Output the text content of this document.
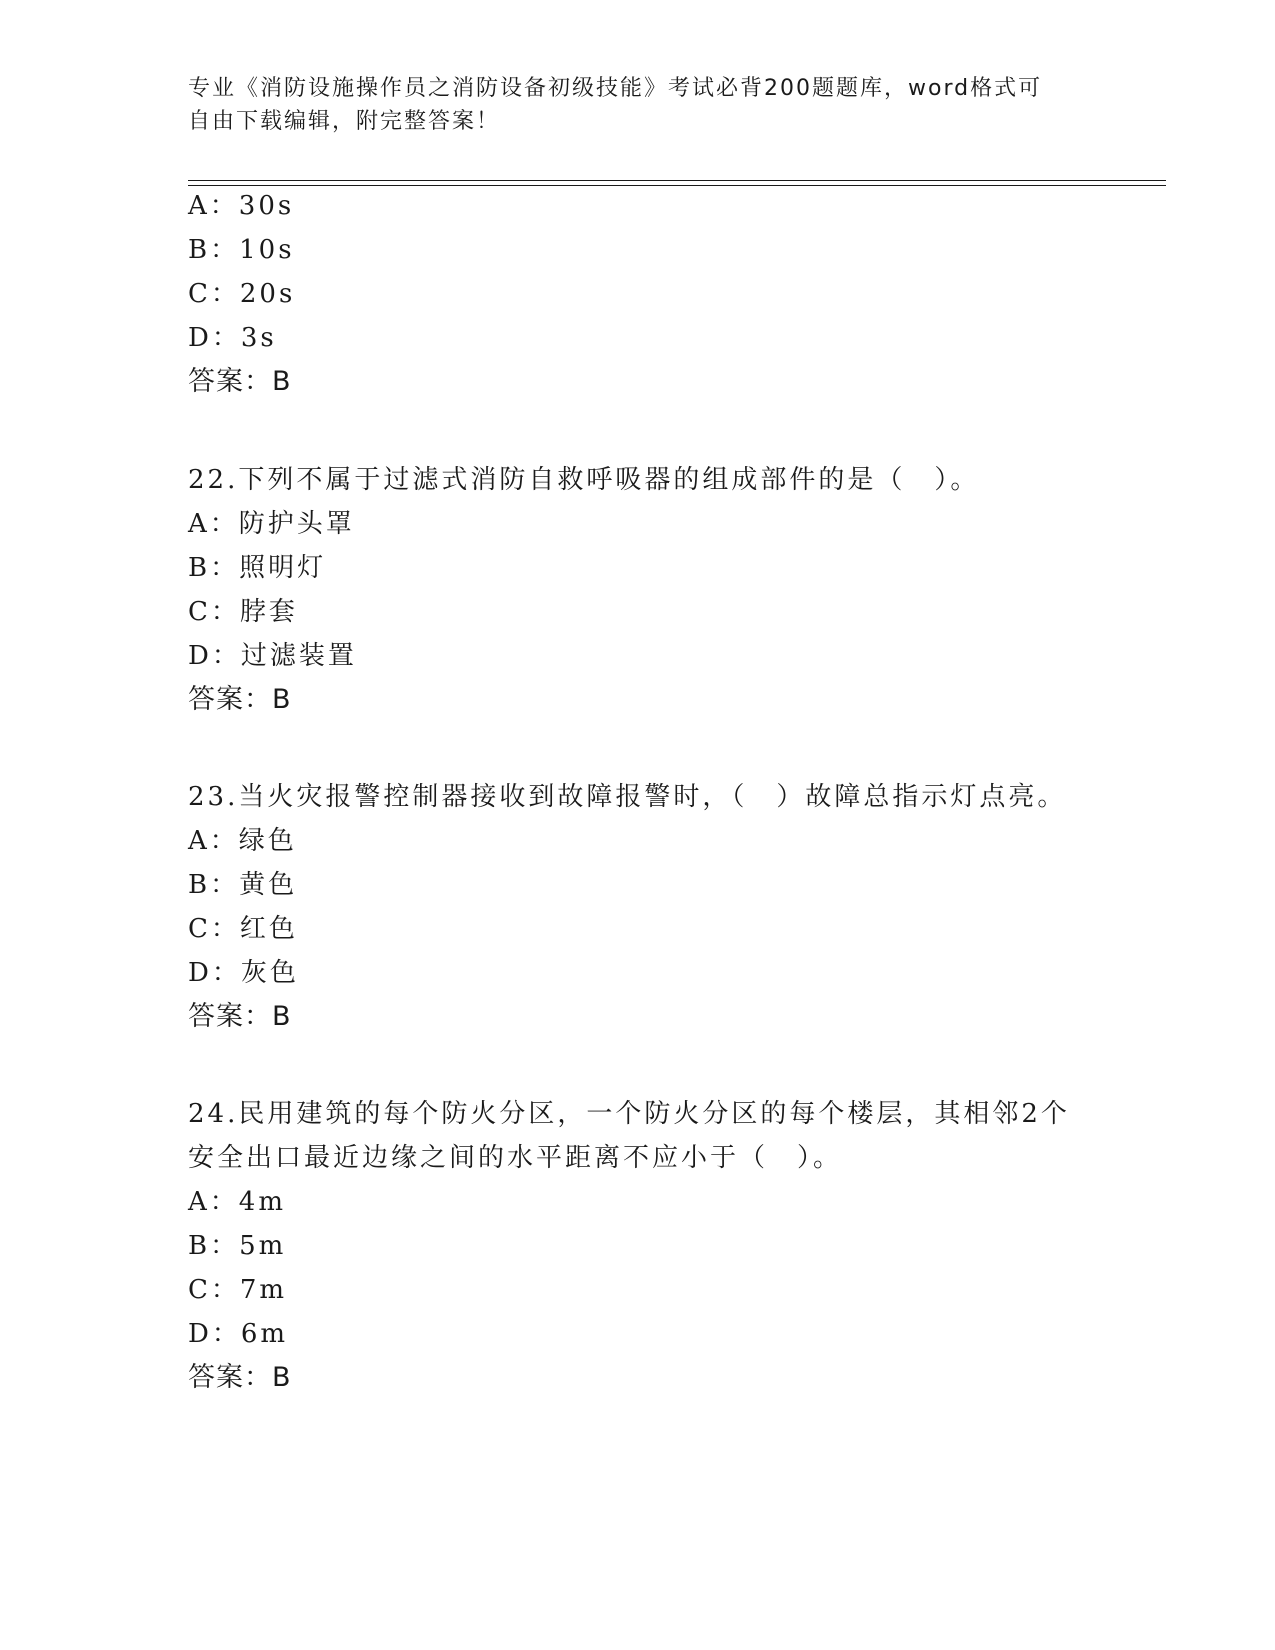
专业《消防设施操作员之消防设备初级技能》考试必背200题题库，word格式可
自由下载编辑，附完整答案！
A：30s
B：10s
C：20s
D：3s
答案：B
22.下列不属于过滤式消防自救呼吸器的组成部件的是（　）。
A：防护头罩
B：照明灯
C：脖套
D：过滤装置
答案：B
23.当火灾报警控制器接收到故障报警时，（　）故障总指示灯点亮。
A：绿色
B：黄色
C：红色
D：灰色
答案：B
24.民用建筑的每个防火分区，一个防火分区的每个楼层，其相邻2个
安全出口最近边缘之间的水平距离不应小于（　）。
A：4m
B：5m
C：7m
D：6m
答案：B
